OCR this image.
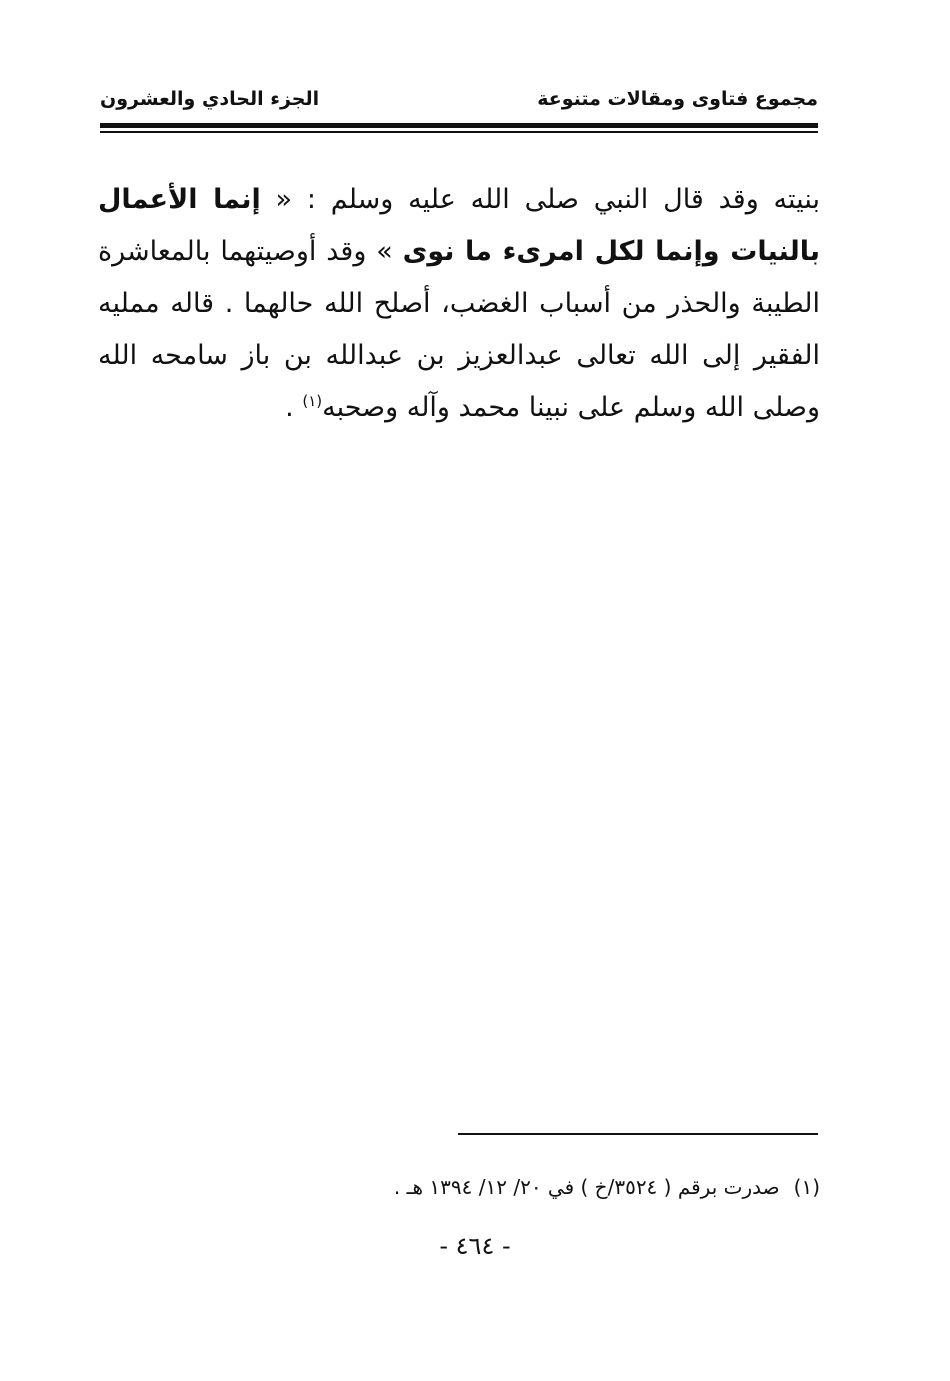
مجموع فتاوى ومقالات متنوعة
الجزء الحادي والعشرون

بنيته وقد قال النبي صلى الله عليه وسلم : « إنما الأعمال بالنيات وإنما لكل امرىء ما نوى » وقد أوصيتهما بالمعاشرة الطيبة والحذر من أسباب الغضب، أصلح الله حالهما . قاله ممليه الفقير إلى الله تعالى عبدالعزيز بن عبدالله بن باز سامحه الله وصلى الله وسلم على نبينا محمد وآله وصحبه$^{(١)}$ .

(١)صدرت برقم ( ٣٥٢٤/خ ) في ٢٠/ ١٢/ ١٣٩٤ هـ .
- ٤٦٤ -
